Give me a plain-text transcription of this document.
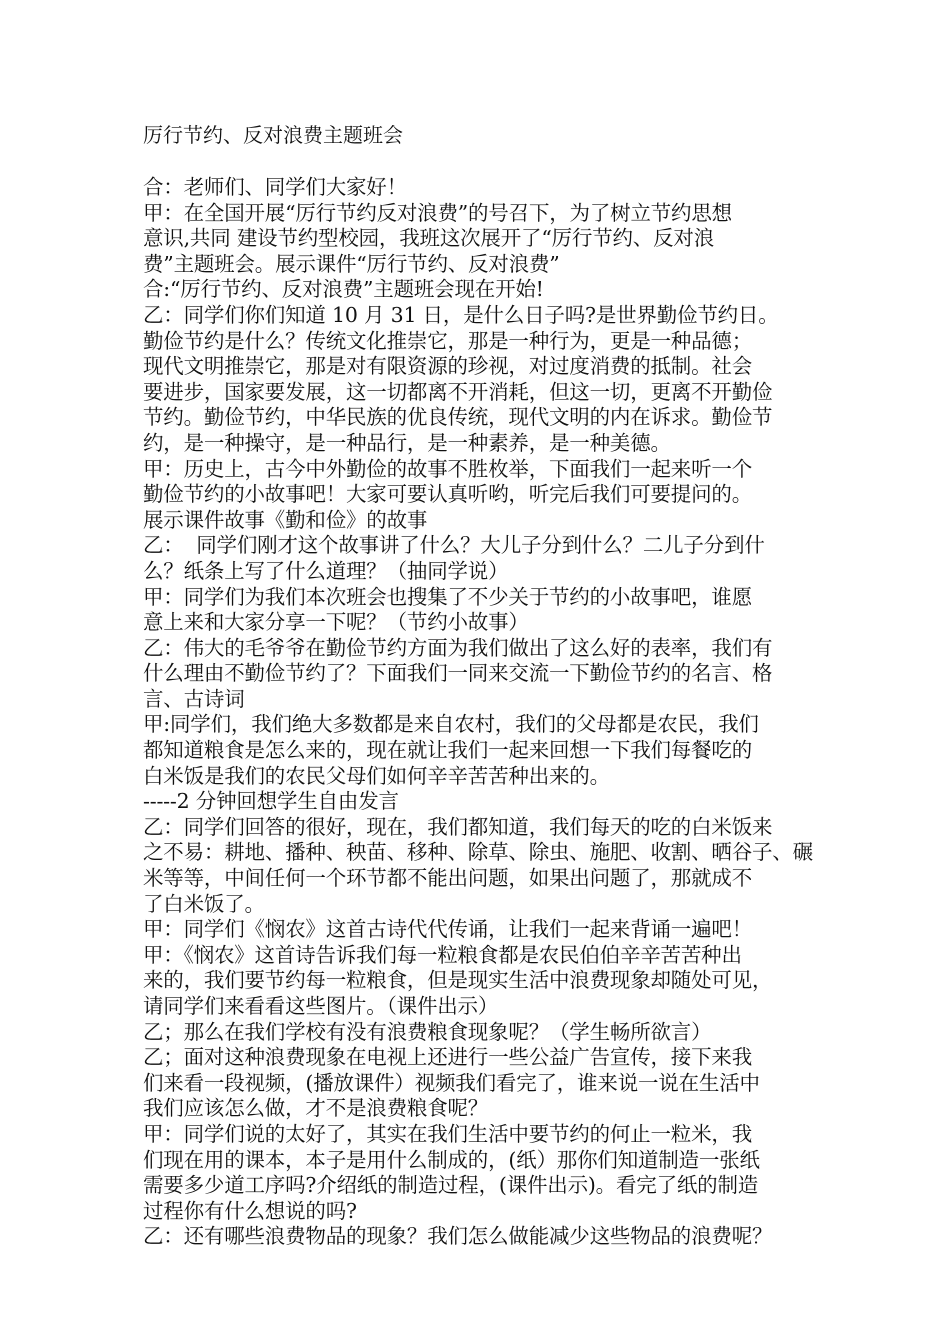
厉行节约、反对浪费主题班会

合：老师们、同学们大家好！

甲：在全国开展“厉行节约反对浪费”的号召下，为了树立节约思想

意识,共同 建设节约型校园，我班这次展开了“厉行节约、反对浪

费”主题班会。展示课件“厉行节约、反对浪费”

合:“厉行节约、反对浪费”主题班会现在开始!

乙：同学们你们知道 10 月 31 日，是什么日子吗?是世界勤俭节约日。

勤俭节约是什么？传统文化推崇它，那是一种行为，更是一种品德；

现代文明推崇它，那是对有限资源的珍视，对过度消费的抵制。社会

要进步，国家要发展，这一切都离不开消耗，但这一切，更离不开勤俭

节约。勤俭节约，中华民族的优良传统，现代文明的内在诉求。勤俭节

约，是一种操守，是一种品行，是一种素养，是一种美德。

甲：历史上，古今中外勤俭的故事不胜枚举，下面我们一起来听一个

勤俭节约的小故事吧！大家可要认真听哟，听完后我们可要提问的。

展示课件故事《勤和俭》的故事

乙：  同学们刚才这个故事讲了什么？大儿子分到什么？二儿子分到什

么？纸条上写了什么道理？（抽同学说）

甲：同学们为我们本次班会也搜集了不少关于节约的小故事吧，谁愿

意上来和大家分享一下呢？（节约小故事）

乙：伟大的毛爷爷在勤俭节约方面为我们做出了这么好的表率，我们有

什么理由不勤俭节约了？下面我们一同来交流一下勤俭节约的名言、格

言、古诗词

甲:同学们，我们绝大多数都是来自农村，我们的父母都是农民，我们

都知道粮食是怎么来的，现在就让我们一起来回想一下我们每餐吃的

白米饭是我们的农民父母们如何辛辛苦苦种出来的。

-----2 分钟回想学生自由发言

乙：同学们回答的很好，现在，我们都知道，我们每天的吃的白米饭来

之不易：耕地、播种、秧苗、移种、除草、除虫、施肥、收割、晒谷子、碾

米等等，中间任何一个环节都不能出问题，如果出问题了，那就成不

了白米饭了。

甲：同学们《悯农》这首古诗代代传诵，让我们一起来背诵一遍吧！

甲：《悯农》这首诗告诉我们每一粒粮食都是农民伯伯辛辛苦苦种出

来的，我们要节约每一粒粮食，但是现实生活中浪费现象却随处可见，

请同学们来看看这些图片。（课件出示）

乙；那么在我们学校有没有浪费粮食现象呢？（学生畅所欲言）

乙；面对这种浪费现象在电视上还进行一些公益广告宣传，接下来我

们来看一段视频，(播放课件）视频我们看完了，谁来说一说在生活中

我们应该怎么做，才不是浪费粮食呢？

甲：同学们说的太好了，其实在我们生活中要节约的何止一粒米，我

们现在用的课本，本子是用什么制成的，(纸）那你们知道制造一张纸

需要多少道工序吗?介绍纸的制造过程，(课件出示)。看完了纸的制造

过程你有什么想说的吗?

乙：还有哪些浪费物品的现象？我们怎么做能减少这些物品的浪费呢？
